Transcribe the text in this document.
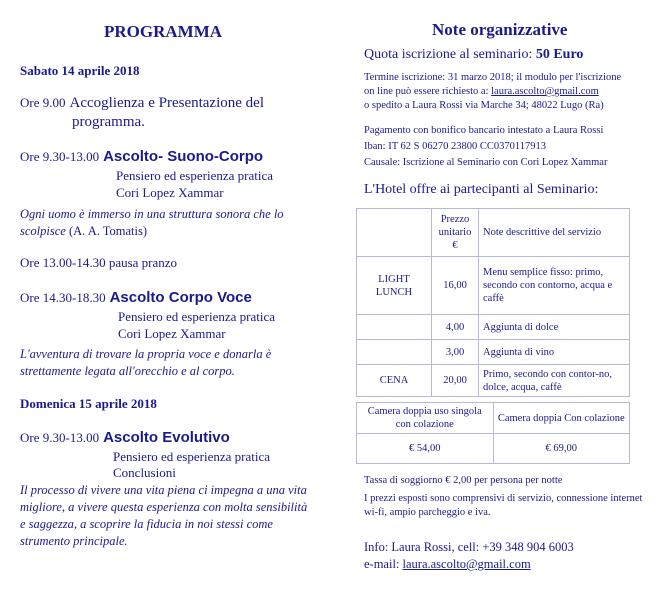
PROGRAMMA
Sabato 14 aprile 2018
Ore 9.00 Accoglienza e Presentazione del
programma.
Ore 9.30-13.00 Ascolto- Suono-Corpo
Pensiero ed esperienza pratica
Cori Lopez Xammar
Ogni uomo è immerso in una struttura sonora che lo scolpisce (A. A. Tomatis)
Ore 13.00-14.30 pausa pranzo
Ore 14.30-18.30 Ascolto Corpo Voce
Pensiero ed esperienza pratica
Cori Lopez Xammar
L'avventura di trovare la propria voce e donarla è strettamente legata all'orecchio e al corpo.
Domenica 15 aprile 2018
Ore 9.30-13.00 Ascolto Evolutivo
Pensiero ed esperienza pratica
Conclusioni
Il processo di vivere una vita piena ci impegna a una vita migliore, a vivere questa esperienza con molta sensibilità e saggezza, a scoprire la fiducia in noi stessi come strumento principale.
Note organizzative
Quota iscrizione al seminario: 50 Euro
Termine iscrizione: 31 marzo 2018; il modulo per l'iscrizione
on line può essere richiesto a: laura.ascolto@gmail.com
o spedito a Laura Rossi via Marche 34; 48022 Lugo (Ra)
Pagamento con bonifico bancario intestato a Laura Rossi
Iban: IT 62 S 06270 23800 CC0370117913
Causale: Iscrizione al Seminario con Cori Lopez Xammar
L'Hotel offre ai partecipanti al Seminario:
	Prezzo unitario €	Note descrittive del servizio
LIGHT LUNCH	16,00	Menu semplice fisso: primo, secondo con contorno, acqua e caffè
	4,00	Aggiunta di dolce
	3,00	Aggiunta di vino
CENA	20,00	Primo, secondo con contor-no, dolce, acqua, caffè
Camera doppia uso singola con colazione	Camera doppia Con colazione
€ 54,00	€ 69,00
Tassa di soggiorno € 2,00 per persona per notte
I prezzi esposti sono comprensivi di servizio, connessione internet wi-fi, ampio parcheggio e iva.
Info: Laura Rossi, cell: +39 348 904 6003
e-mail: laura.ascolto@gmail.com
